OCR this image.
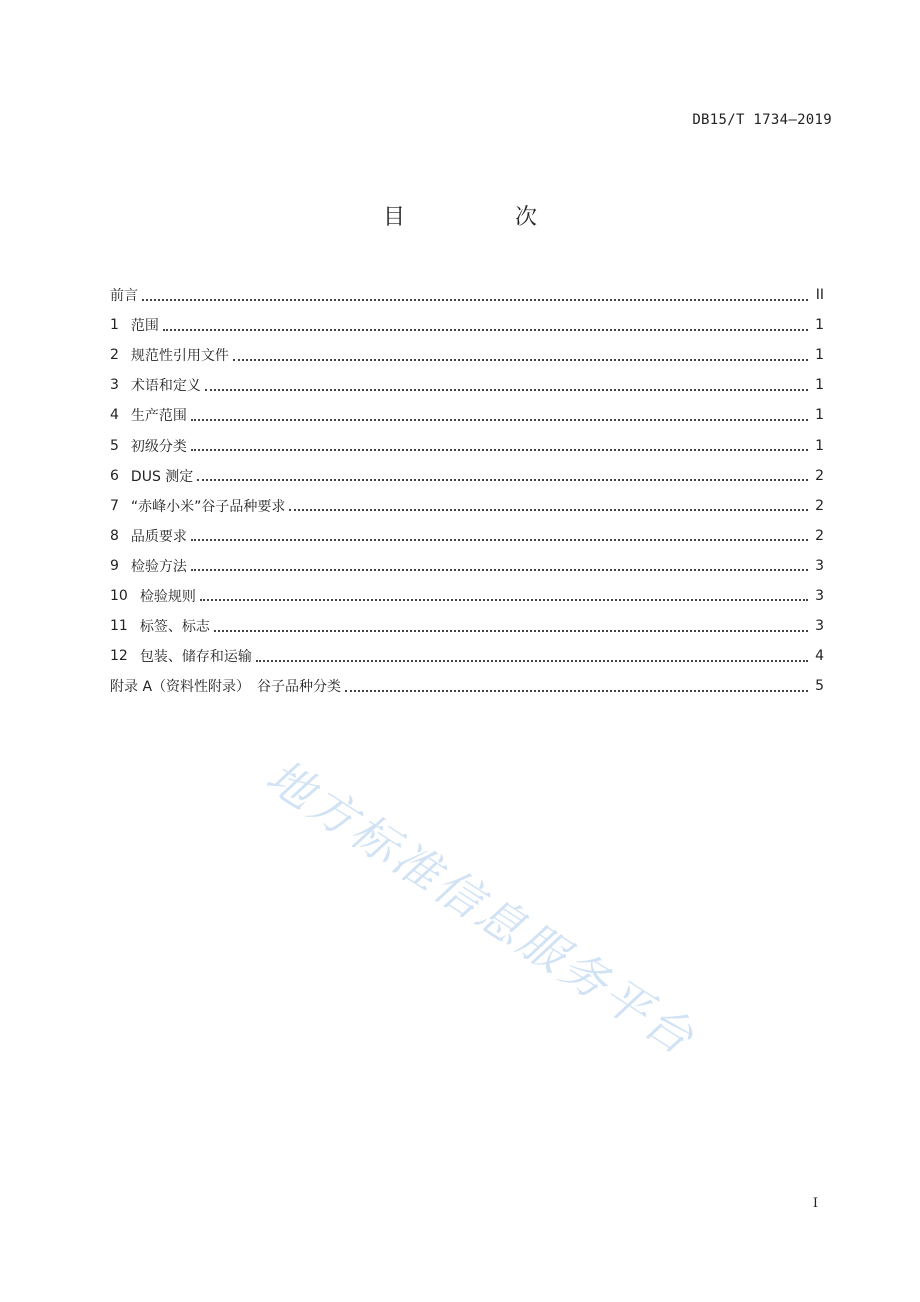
DB15/T 1734—2019
目　次
前言	II
1 范围	1
2 规范性引用文件	1
3 术语和定义	1
4 生产范围	1
5 初级分类	1
6 DUS 测定	2
7 “赤峰小米”谷子品种要求	2
8 品质要求	2
9 检验方法	3
10 检验规则	3
11 标签、标志	3
12 包装、储存和运输	4
附录 A（资料性附录）　谷子品种分类	5
地方标准信息服务平台
I
